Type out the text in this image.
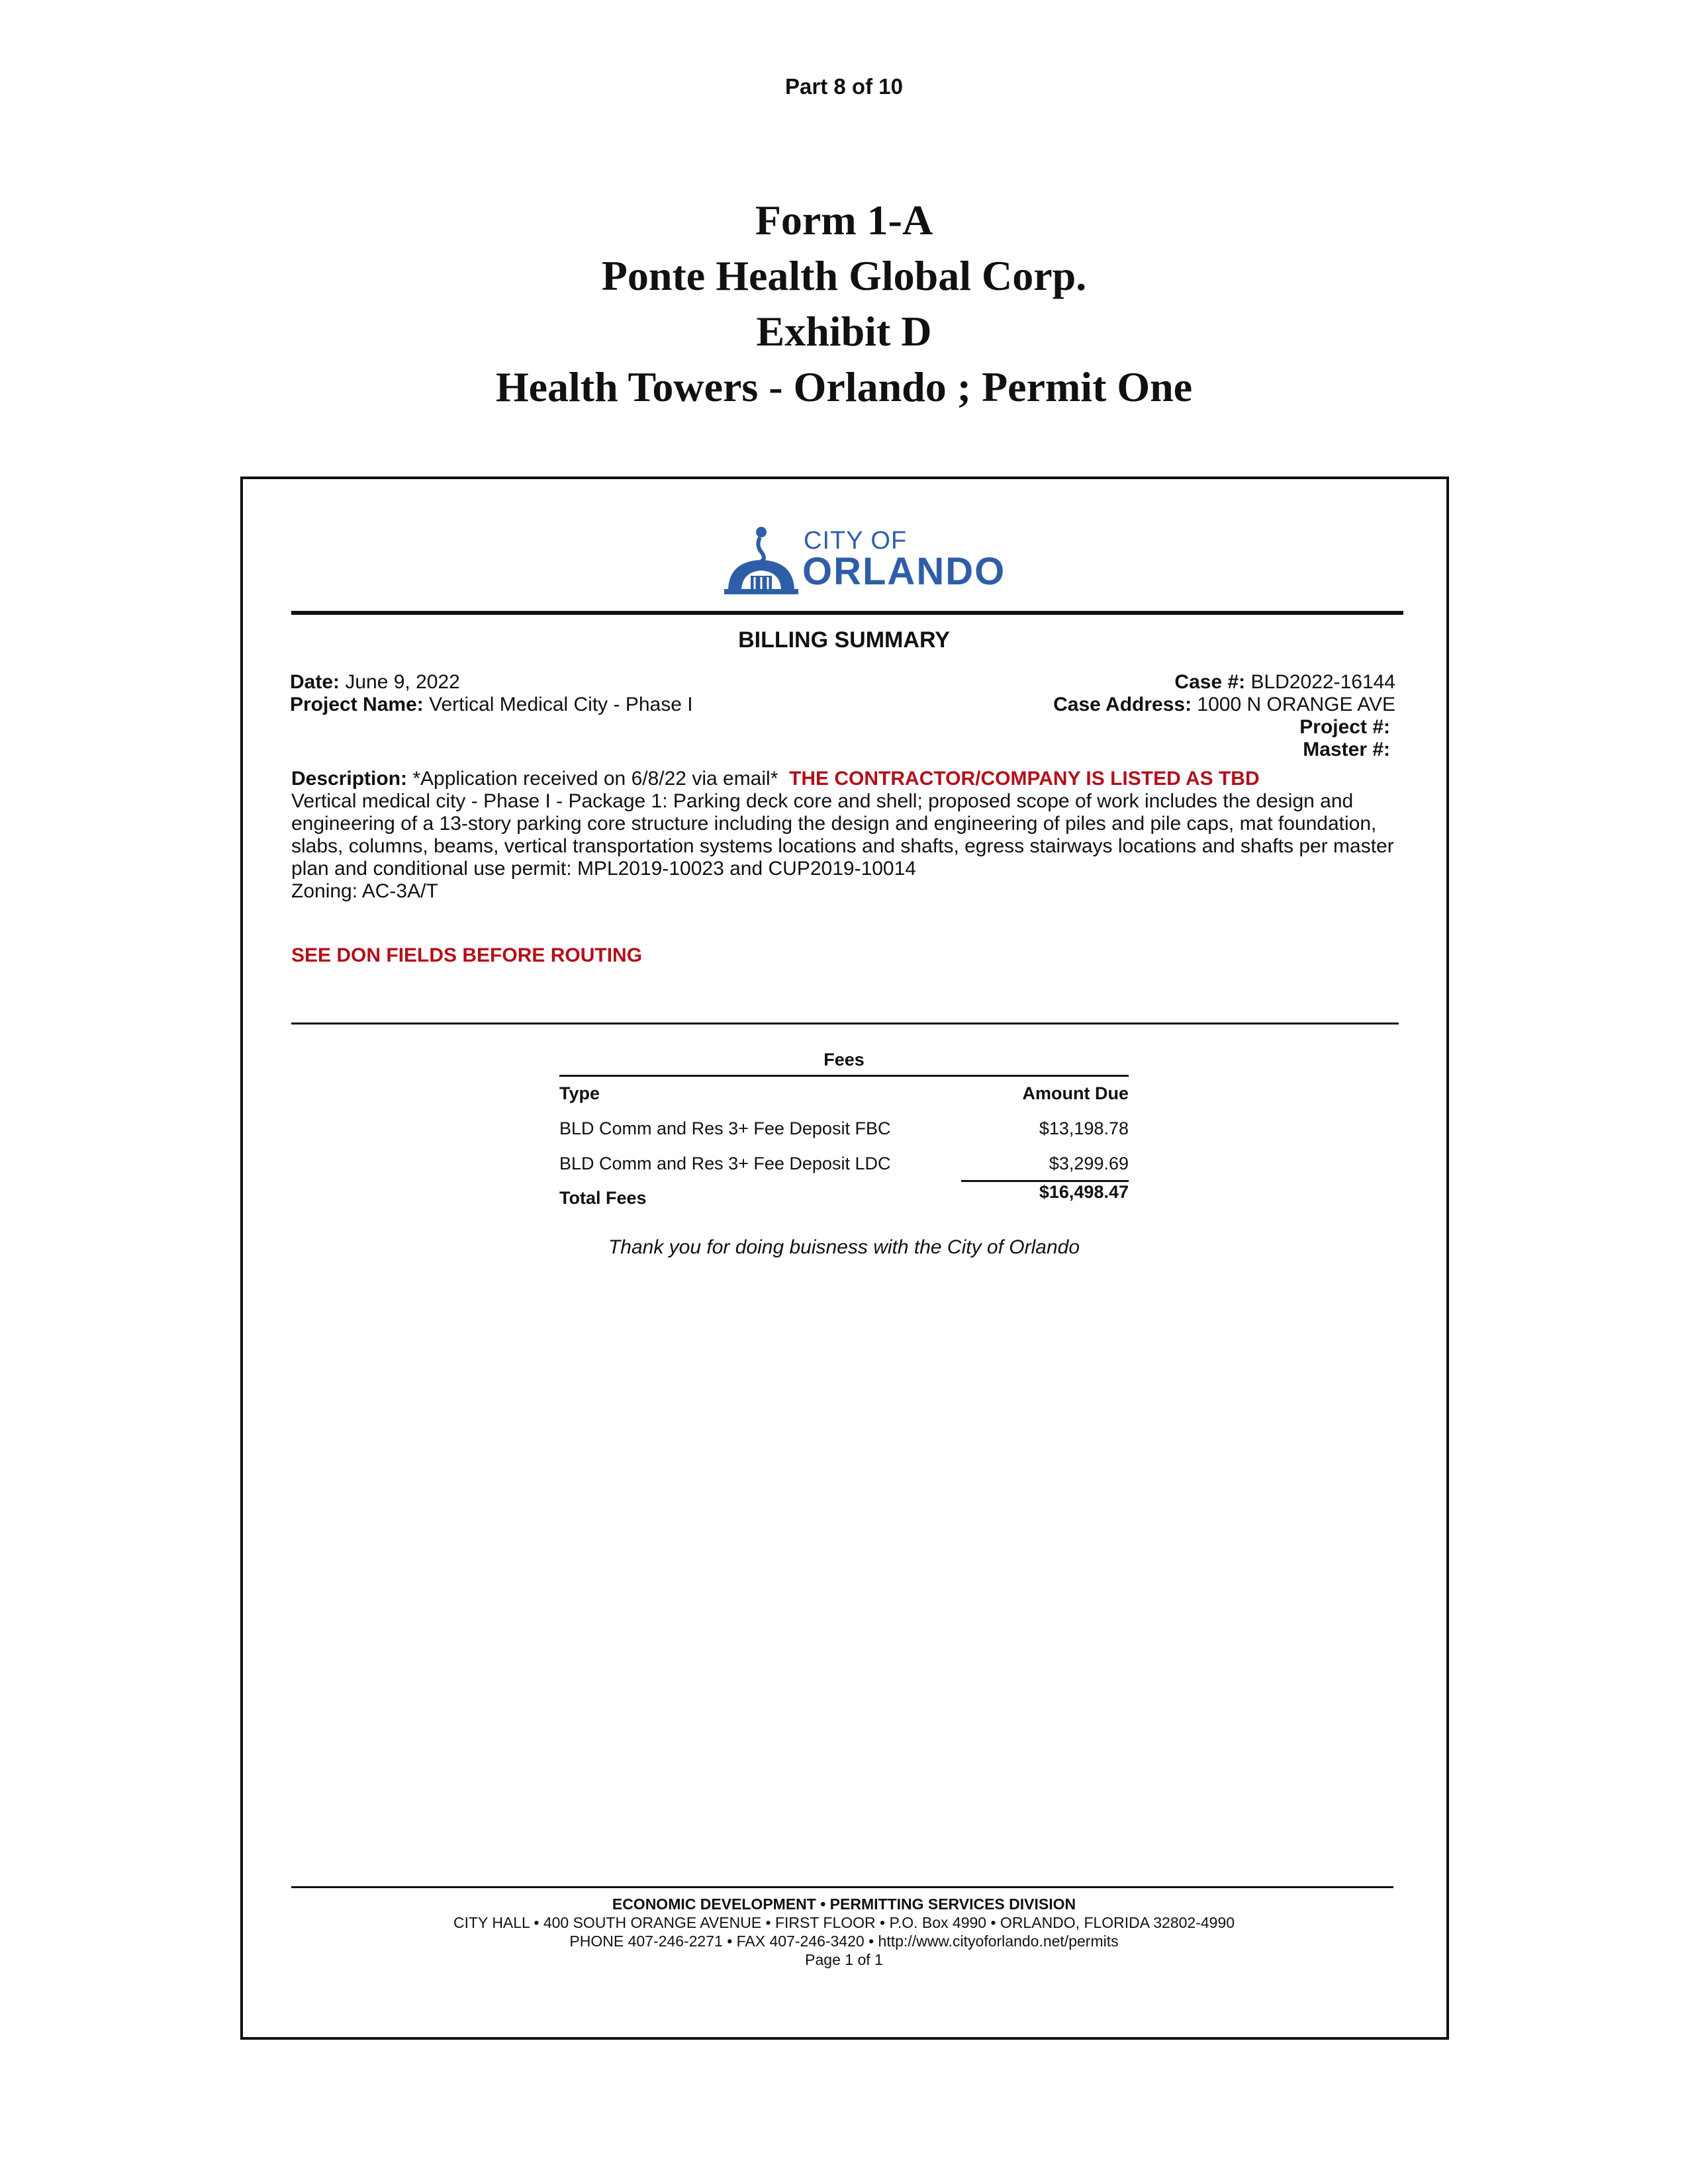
Part 8 of 10
Form 1-A
Ponte Health Global Corp.
Exhibit D
Health Towers - Orlando ; Permit One
CITY OF
ORLANDO
BILLING SUMMARY
Date: June 9, 2022
Project Name: Vertical Medical City - Phase I
Case #: BLD2022-16144
Case Address: 1000 N ORANGE AVE
Project #:
Master #:
Description: *Application received on 6/8/22 via email* THE CONTRACTOR/COMPANY IS LISTED AS TBD
Vertical medical city - Phase I - Package 1: Parking deck core and shell; proposed scope of work includes the design and
engineering of a 13-story parking core structure including the design and engineering of piles and pile caps, mat foundation,
slabs, columns, beams, vertical transportation systems locations and shafts, egress stairways locations and shafts per master
plan and conditional use permit: MPL2019-10023 and CUP2019-10014
Zoning: AC-3A/T
SEE DON FIELDS BEFORE ROUTING
Fees
Type	Amount Due
BLD Comm and Res 3+ Fee Deposit FBC	$13,198.78
BLD Comm and Res 3+ Fee Deposit LDC	$3,299.69
Total Fees	$16,498.47
Thank you for doing buisness with the City of Orlando
ECONOMIC DEVELOPMENT • PERMITTING SERVICES DIVISION
CITY HALL • 400 SOUTH ORANGE AVENUE • FIRST FLOOR • P.O. Box 4990 • ORLANDO, FLORIDA 32802-4990
PHONE 407-246-2271 • FAX 407-246-3420 • http://www.cityoforlando.net/permits
Page 1 of 1
